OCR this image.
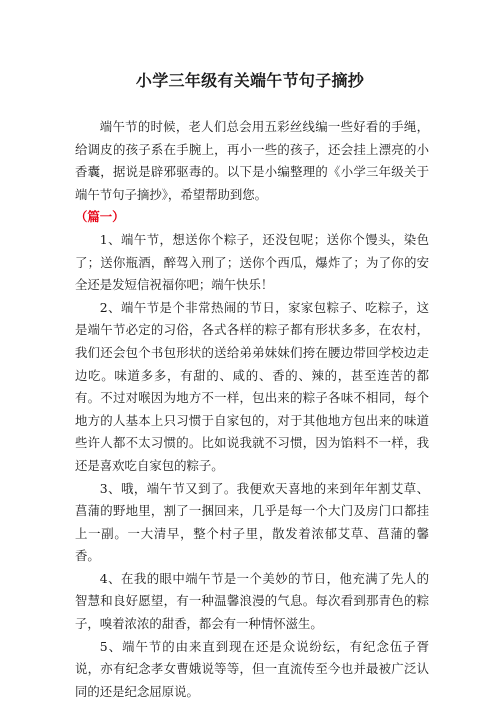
小学三年级有关端午节句子摘抄

端午节的时候，老人们总会用五彩丝线编一些好看的手绳，给调皮的孩子系在手腕上，再小一些的孩子，还会挂上漂亮的小香囊，据说是辟邪驱毒的。以下是小编整理的《小学三年级关于端午节句子摘抄》，希望帮助到您。

（篇一）

1、端午节，想送你个粽子，还没包呢；送你个馒头，染色了；送你瓶酒，醉驾入刑了；送你个西瓜，爆炸了；为了你的安全还是发短信祝福你吧；端午快乐！

2、端午节是个非常热闹的节日，家家包粽子、吃粽子，这是端午节必定的习俗，各式各样的粽子都有形状多多，在农村，我们还会包个书包形状的送给弟弟妹妹们挎在腰边带回学校边走边吃。味道多多，有甜的、咸的、香的、辣的，甚至连苦的都有。不过对喉因为地方不一样，包出来的粽子各味不相同，每个地方的人基本上只习惯于自家包的，对于其他地方包出来的味道些许人都不太习惯的。比如说我就不习惯，因为馅料不一样，我还是喜欢吃自家包的粽子。

3、哦，端午节又到了。我便欢天喜地的来到年年割艾草、菖蒲的野地里，割了一捆回来，几乎是每一个大门及房门口都挂上一副。一大清早，整个村子里，散发着浓郁艾草、菖蒲的馨香。

4、在我的眼中端午节是一个美妙的节日，他充满了先人的智慧和良好愿望，有一种温馨浪漫的气息。每次看到那青色的粽子，嗅着浓浓的甜香，都会有一种情怀滋生。

5、端午节的由来直到现在还是众说纷纭，有纪念伍子胥说，亦有纪念孝女曹娥说等等，但一直流传至今也并最被广泛认同的还是纪念屈原说。
